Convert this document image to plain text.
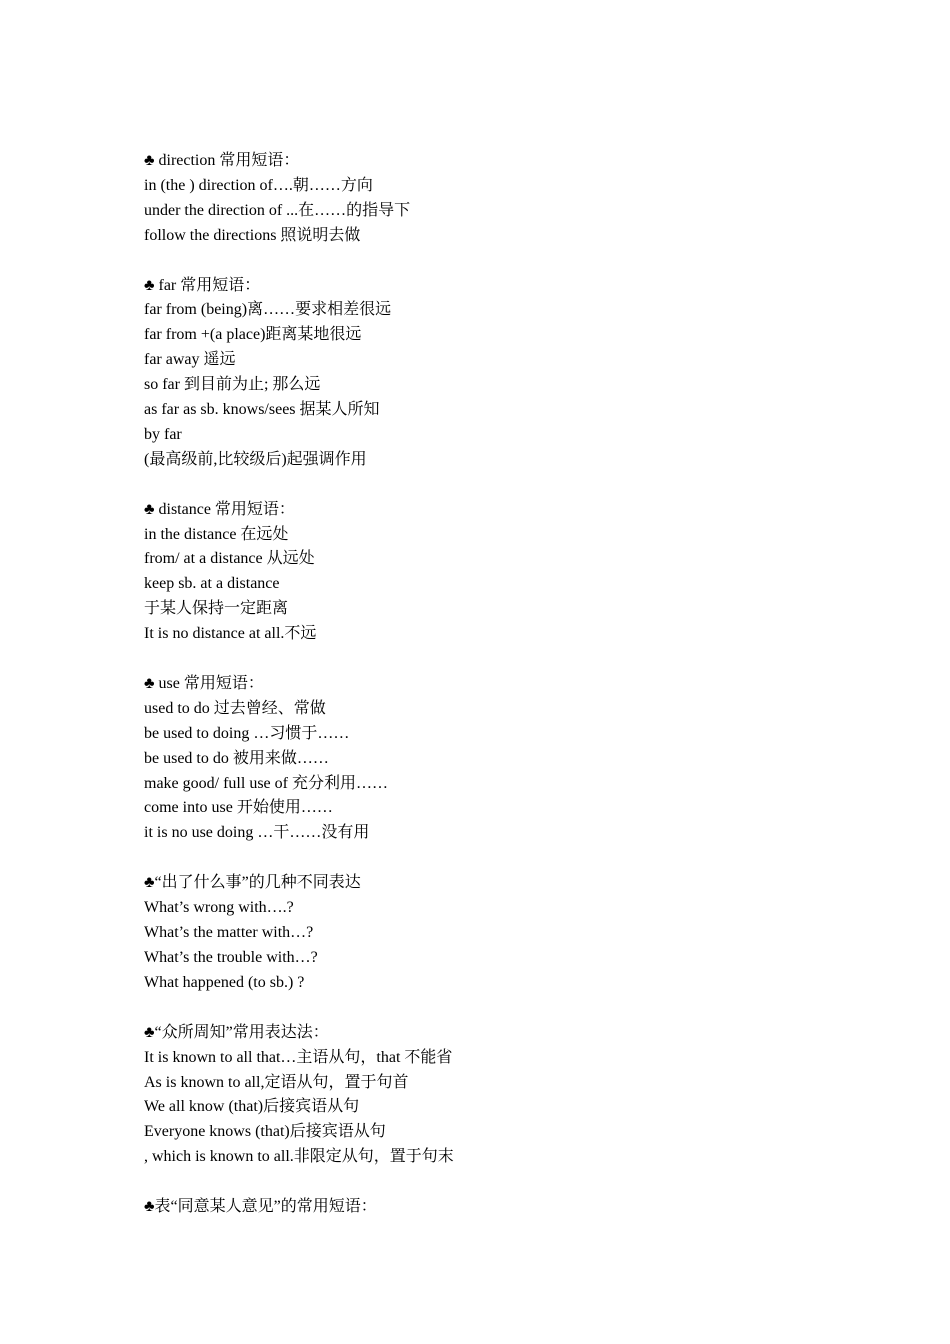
♣ direction 常用短语：
in (the ) direction of….朝……方向
under the direction of ...在……的指导下
follow the directions 照说明去做
♣ far 常用短语：
far from (being)离……要求相差很远
far from +(a place)距离某地很远
far away 遥远
so far 到目前为止; 那么远
as far as sb. knows/sees 据某人所知
by far
(最高级前,比较级后)起强调作用
♣ distance 常用短语：
in the distance 在远处
from/ at a distance 从远处
keep sb. at a distance
于某人保持一定距离
It is no distance at all.不远
♣ use 常用短语：
used to do 过去曾经、常做
be used to doing …习惯于……
be used to do 被用来做……
make good/ full use of 充分利用……
come into use 开始使用……
it is no use doing …干……没有用
♣“出了什么事”的几种不同表达
What’s wrong with….?
What’s the matter with…?
What’s the trouble with…?
What happened (to sb.) ?
♣“众所周知”常用表达法：
It is known to all that…主语从句，that 不能省
As is known to all,定语从句，置于句首
We all know (that)后接宾语从句
Everyone knows (that)后接宾语从句
, which is known to all.非限定从句，置于句末
♣表“同意某人意见”的常用短语：
